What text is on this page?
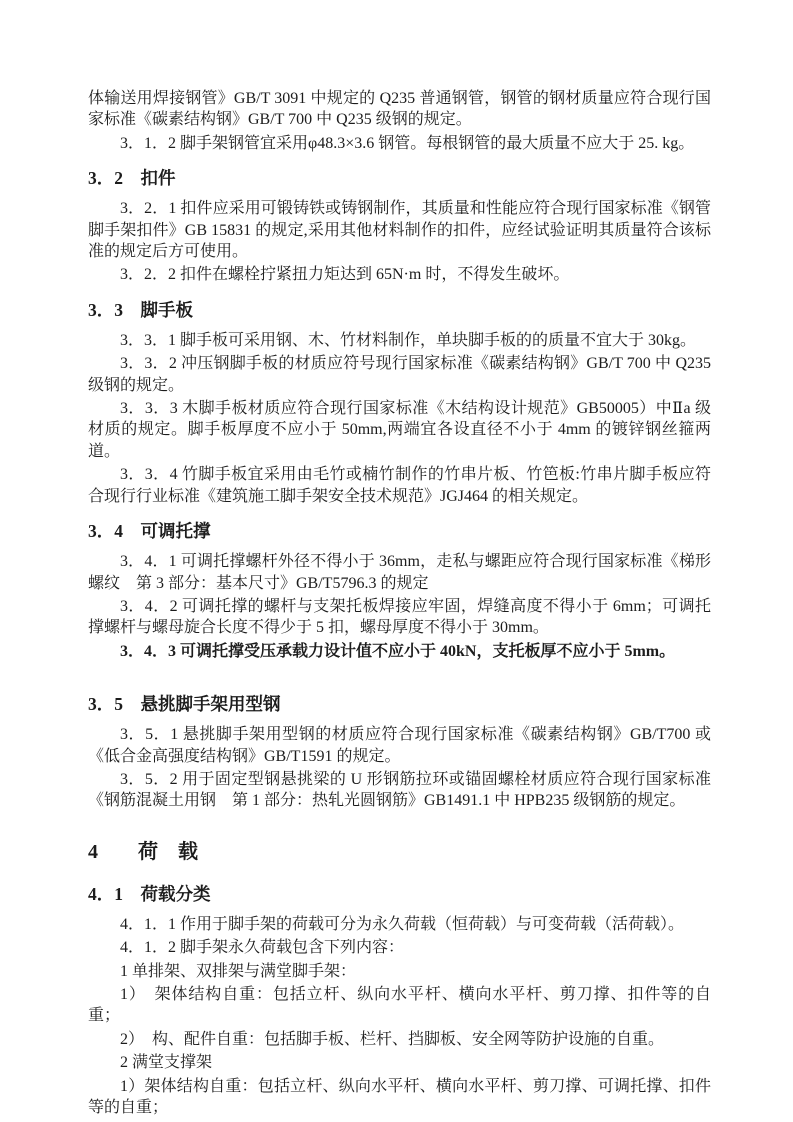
体输送用焊接钢管》GB/T 3091 中规定的 Q235 普通钢管，钢管的钢材质量应符合现行国家标准《碳素结构钢》GB/T 700 中 Q235 级钢的规定。

3．1．2 脚手架钢管宜采用φ48.3×3.6 钢管。每根钢管的最大质量不应大于 25. kg。

3．2　扣件

3．2．1 扣件应采用可锻铸铁或铸钢制作，其质量和性能应符合现行国家标准《钢管脚手架扣件》GB 15831 的规定,采用其他材料制作的扣件，应经试验证明其质量符合该标准的规定后方可使用。

3．2．2 扣件在螺栓拧紧扭力矩达到 65N·m 时，不得发生破坏。

3．3　脚手板

3．3．1 脚手板可采用钢、木、竹材料制作，单块脚手板的的质量不宜大于 30kg。

3．3．2 冲压钢脚手板的材质应符号现行国家标准《碳素结构钢》GB/T 700 中 Q235 级钢的规定。

3．3．3 木脚手板材质应符合现行国家标准《木结构设计规范》GB50005）中Ⅱa 级材质的规定。脚手板厚度不应小于 50mm,两端宜各设直径不小于 4mm 的镀锌钢丝箍两道。

3．3．4 竹脚手板宜采用由毛竹或楠竹制作的竹串片板、竹笆板:竹串片脚手板应符合现行行业标准《建筑施工脚手架安全技术规范》JGJ464 的相关规定。

3．4　可调托撑

3．4．1 可调托撑螺杆外径不得小于 36mm，走私与螺距应符合现行国家标准《梯形螺纹　第 3 部分：基本尺寸》GB/T5796.3 的规定

3．4．2 可调托撑的螺杆与支架托板焊接应牢固，焊缝高度不得小于 6mm；可调托撑螺杆与螺母旋合长度不得少于 5 扣，螺母厚度不得小于 30mm。

3．4．3 可调托撑受压承载力设计值不应小于 40kN，支托板厚不应小于 5mm。

3．5　悬挑脚手架用型钢

3．5．1 悬挑脚手架用型钢的材质应符合现行国家标准《碳素结构钢》GB/T700 或《低合金高强度结构钢》GB/T1591 的规定。

3．5．2 用于固定型钢悬挑梁的 U 形钢筋拉环或锚固螺栓材质应符合现行国家标准《钢筋混凝土用钢　第 1 部分：热轧光圆钢筋》GB1491.1 中 HPB235 级钢筋的规定。

4　　荷　载
4．1　荷载分类

4．1．1 作用于脚手架的荷载可分为永久荷载（恒荷载）与可变荷载（活荷载）。

4．1．2 脚手架永久荷载包含下列内容：

1 单排架、双排架与满堂脚手架：

1）　架体结构自重：包括立杆、纵向水平杆、横向水平杆、剪刀撑、扣件等的自重；

2）　构、配件自重：包括脚手板、栏杆、挡脚板、安全网等防护设施的自重。

2 满堂支撑架

1）架体结构自重：包括立杆、纵向水平杆、横向水平杆、剪刀撑、可调托撑、扣件等的自重；
